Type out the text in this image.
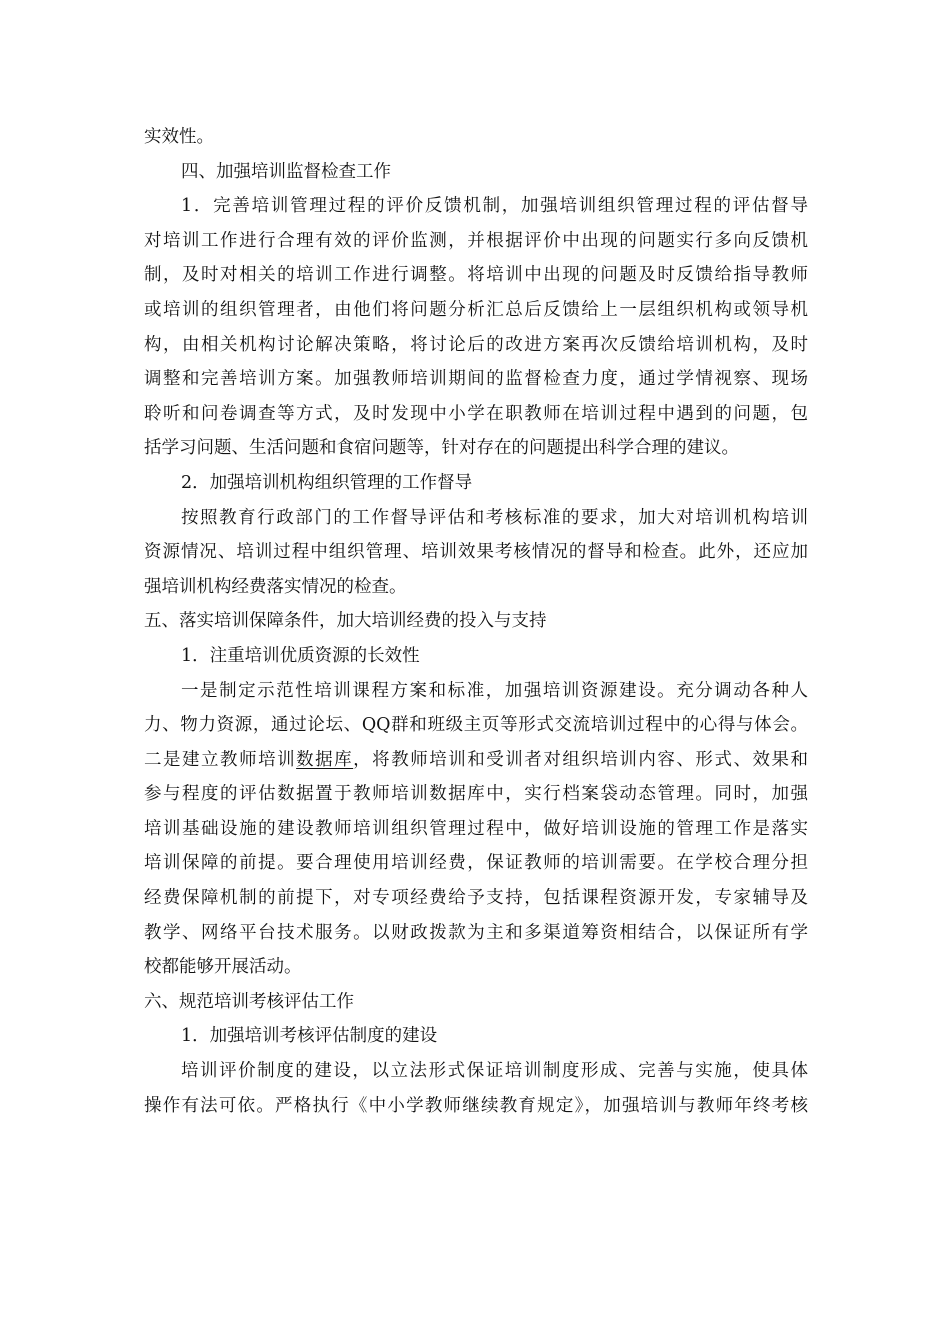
实效性。
四、加强培训监督检查工作
1．完善培训管理过程的评价反馈机制，加强培训组织管理过程的评估督导
对培训工作进行合理有效的评价监测，并根据评价中出现的问题实行多向反馈机
制，及时对相关的培训工作进行调整。将培训中出现的问题及时反馈给指导教师
或培训的组织管理者，由他们将问题分析汇总后反馈给上一层组织机构或领导机
构，由相关机构讨论解决策略，将讨论后的改进方案再次反馈给培训机构，及时
调整和完善培训方案。加强教师培训期间的监督检查力度，通过学情视察、现场
聆听和问卷调查等方式，及时发现中小学在职教师在培训过程中遇到的问题，包
括学习问题、生活问题和食宿问题等，针对存在的问题提出科学合理的建议。
2．加强培训机构组织管理的工作督导
按照教育行政部门的工作督导评估和考核标准的要求，加大对培训机构培训
资源情况、培训过程中组织管理、培训效果考核情况的督导和检查。此外，还应加
强培训机构经费落实情况的检查。
五、落实培训保障条件，加大培训经费的投入与支持
1．注重培训优质资源的长效性
一是制定示范性培训课程方案和标准，加强培训资源建设。充分调动各种人
力、物力资源，通过论坛、QQ群和班级主页等形式交流培训过程中的心得与体会。
二是建立教师培训数据库，将教师培训和受训者对组织培训内容、形式、效果和
参与程度的评估数据置于教师培训数据库中，实行档案袋动态管理。同时，加强
培训基础设施的建设教师培训组织管理过程中，做好培训设施的管理工作是落实
培训保障的前提。要合理使用培训经费，保证教师的培训需要。在学校合理分担
经费保障机制的前提下，对专项经费给予支持，包括课程资源开发，专家辅导及
教学、网络平台技术服务。以财政拨款为主和多渠道筹资相结合，以保证所有学
校都能够开展活动。
六、规范培训考核评估工作
1．加强培训考核评估制度的建设
培训评价制度的建设，以立法形式保证培训制度形成、完善与实施，使具体
操作有法可依。严格执行《中小学教师继续教育规定》，加强培训与教师年终考核
